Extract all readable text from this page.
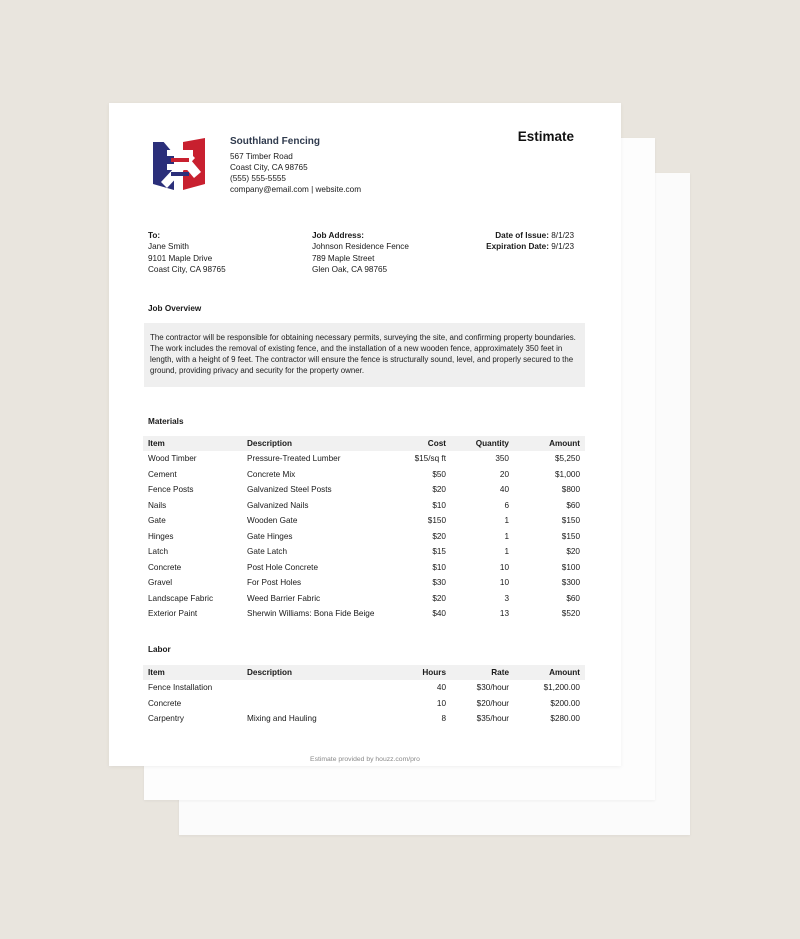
Southland Fencing
567 Timber Road
Coast City, CA 98765
(555) 555-5555
company@email.com | website.com
Estimate
To:
Jane Smith
9101 Maple Drive
Coast City, CA 98765
Job Address:
Johnson Residence Fence
789 Maple Street
Glen Oak, CA 98765
Date of Issue: 8/1/23
Expiration Date: 9/1/23
Job Overview
The contractor will be responsible for obtaining necessary permits, surveying the site, and confirming property boundaries. The work includes the removal of existing fence, and the installation of a new wooden fence, approximately 350 feet in length, with a height of 9 feet. The contractor will ensure the fence is structurally sound, level, and properly secured to the ground, providing privacy and security for the property owner.
Materials
Item	Description	Cost	Quantity	Amount
Wood Timber	Pressure-Treated Lumber	$15/sq ft	350	$5,250
Cement	Concrete Mix	$50	20	$1,000
Fence Posts	Galvanized Steel Posts	$20	40	$800
Nails	Galvanized Nails	$10	6	$60
Gate	Wooden Gate	$150	1	$150
Hinges	Gate Hinges	$20	1	$150
Latch	Gate Latch	$15	1	$20
Concrete	Post Hole Concrete	$10	10	$100
Gravel	For Post Holes	$30	10	$300
Landscape Fabric	Weed Barrier Fabric	$20	3	$60
Exterior Paint	Sherwin Williams: Bona Fide Beige	$40	13	$520
Labor
Item	Description	Hours	Rate	Amount
Fence Installation		40	$30/hour	$1,200.00
Concrete		10	$20/hour	$200.00
Carpentry	Mixing and Hauling	8	$35/hour	$280.00
Estimate provided by houzz.com/pro
